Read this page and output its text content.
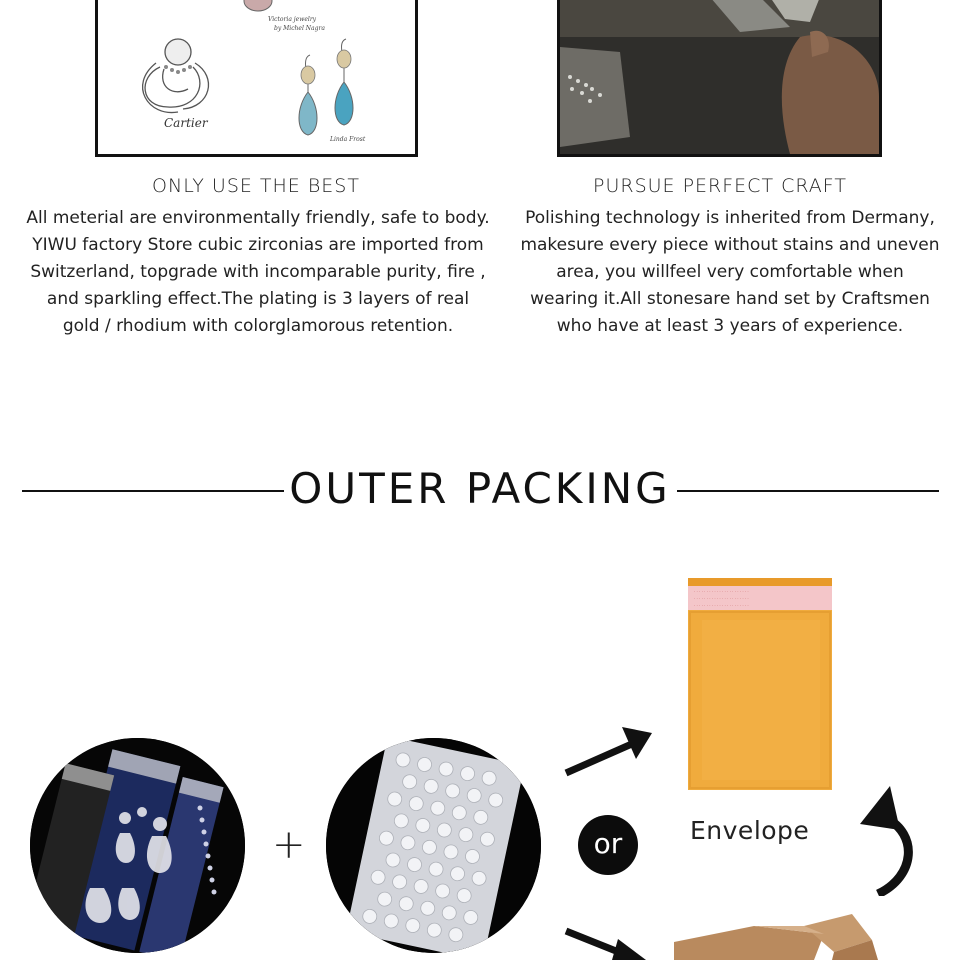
Victoria jewelry
by Michel Nagra
Cartier
Linda Frost
ONLY USE THE BEST
All meterial are environmentally friendly, safe to body.
YIWU factory Store cubic zirconias are imported from
Switzerland, topgrade with incomparable purity, fire ,
and sparkling effect.The plating is 3 layers of real
gold / rhodium with colorglamorous retention.
PURSUE PERFECT CRAFT
Polishing technology is inherited from Dermany,
makesure every piece without stains and uneven
area, you willfeel very comfortable when
wearing it.All stonesare hand set by Craftsmen
who have at least 3 years of experience.
OUTER PACKING
+	or
· · · · · · · · · · · · · · · · · · · · · ·
· · · · · · · · · · · · · · · · · · · · · ·
· · · · · · · · · · · · · · · · · · · · · ·
Envelope
